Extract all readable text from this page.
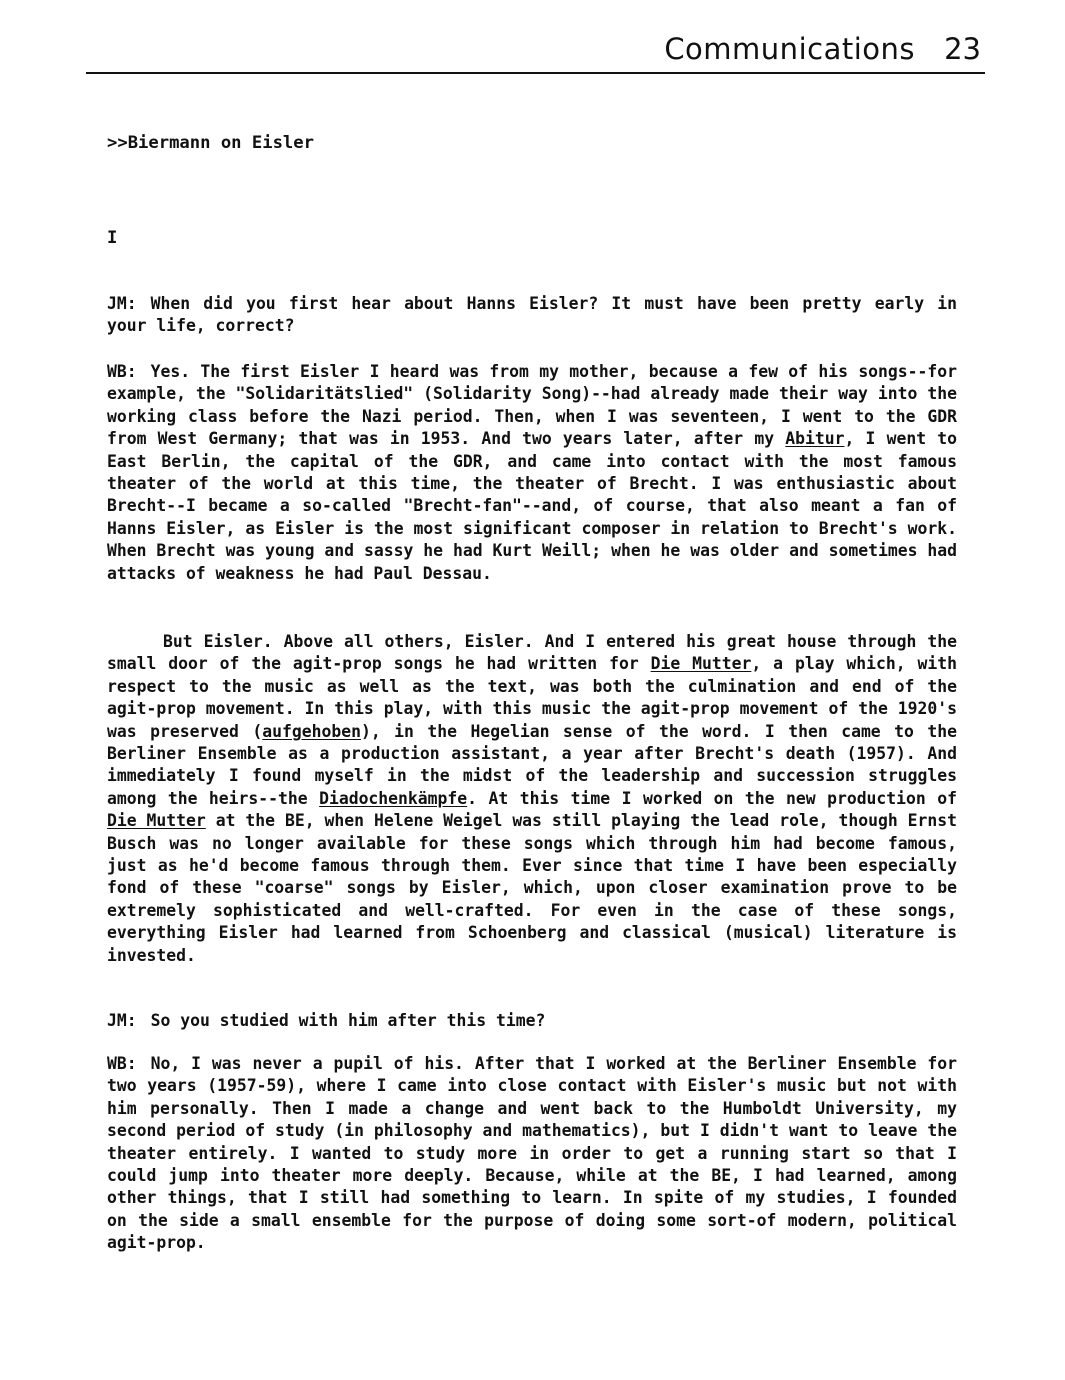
Communications 23
>>Biermann on Eisler
I

JM: When did you first hear about Hanns Eisler? It must have been pretty early in your life, correct?

WB: Yes. The first Eisler I heard was from my mother, because a few of his songs--for example, the "Solidaritätslied" (Solidarity Song)--had already made their way into the working class before the Nazi period. Then, when I was seventeen, I went to the GDR from West Germany; that was in 1953. And two years later, after my Abitur, I went to East Berlin, the capital of the GDR, and came into contact with the most famous theater of the world at this time, the theater of Brecht. I was enthusiastic about Brecht--I became a so-called "Brecht-fan"--and, of course, that also meant a fan of Hanns Eisler, as Eisler is the most significant composer in relation to Brecht's work. When Brecht was young and sassy he had Kurt Weill; when he was older and sometimes had attacks of weakness he had Paul Dessau.

But Eisler. Above all others, Eisler. And I entered his great house through the small door of the agit-prop songs he had written for Die Mutter, a play which, with respect to the music as well as the text, was both the culmination and end of the agit-prop movement. In this play, with this music the agit-prop movement of the 1920's was preserved (aufgehoben), in the Hegelian sense of the word. I then came to the Berliner Ensemble as a production assistant, a year after Brecht's death (1957). And immediately I found myself in the midst of the leadership and succession struggles among the heirs--the Diadochenkämpfe. At this time I worked on the new production of Die Mutter at the BE, when Helene Weigel was still playing the lead role, though Ernst Busch was no longer available for these songs which through him had become famous, just as he'd become famous through them. Ever since that time I have been especially fond of these "coarse" songs by Eisler, which, upon closer examination prove to be extremely sophisticated and well-crafted. For even in the case of these songs, everything Eisler had learned from Schoenberg and classical (musical) literature is invested.

JM: So you studied with him after this time?

WB: No, I was never a pupil of his. After that I worked at the Berliner Ensemble for two years (1957-59), where I came into close contact with Eisler's music but not with him personally. Then I made a change and went back to the Humboldt University, my second period of study (in philosophy and mathematics), but I didn't want to leave the theater entirely. I wanted to study more in order to get a running start so that I could jump into theater more deeply. Because, while at the BE, I had learned, among other things, that I still had something to learn. In spite of my studies, I founded on the side a small ensemble for the purpose of doing some sort-of modern, political agit-prop.
